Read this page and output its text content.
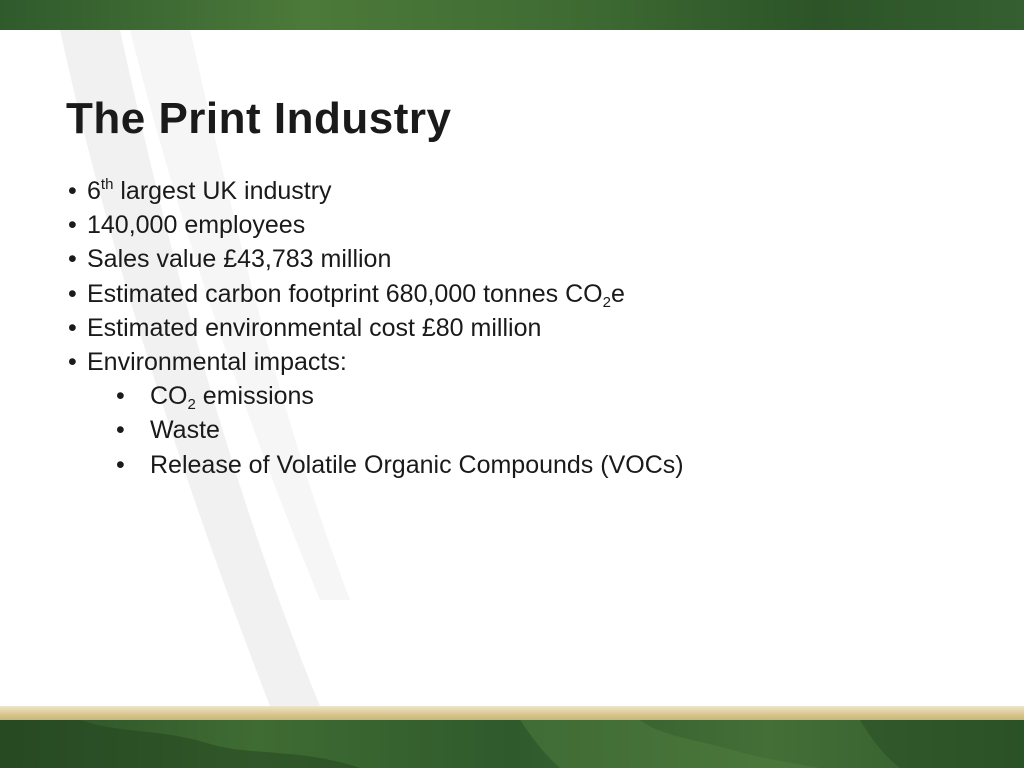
The Print Industry
• 6th largest UK industry
• 140,000 employees
• Sales value £43,783 million
• Estimated carbon footprint 680,000 tonnes $CO_2e$
• Estimated environmental cost £80 million
• Environmental impacts:
• $CO_2$ emissions
• Waste
• Release of Volatile Organic Compounds (VOCs)
